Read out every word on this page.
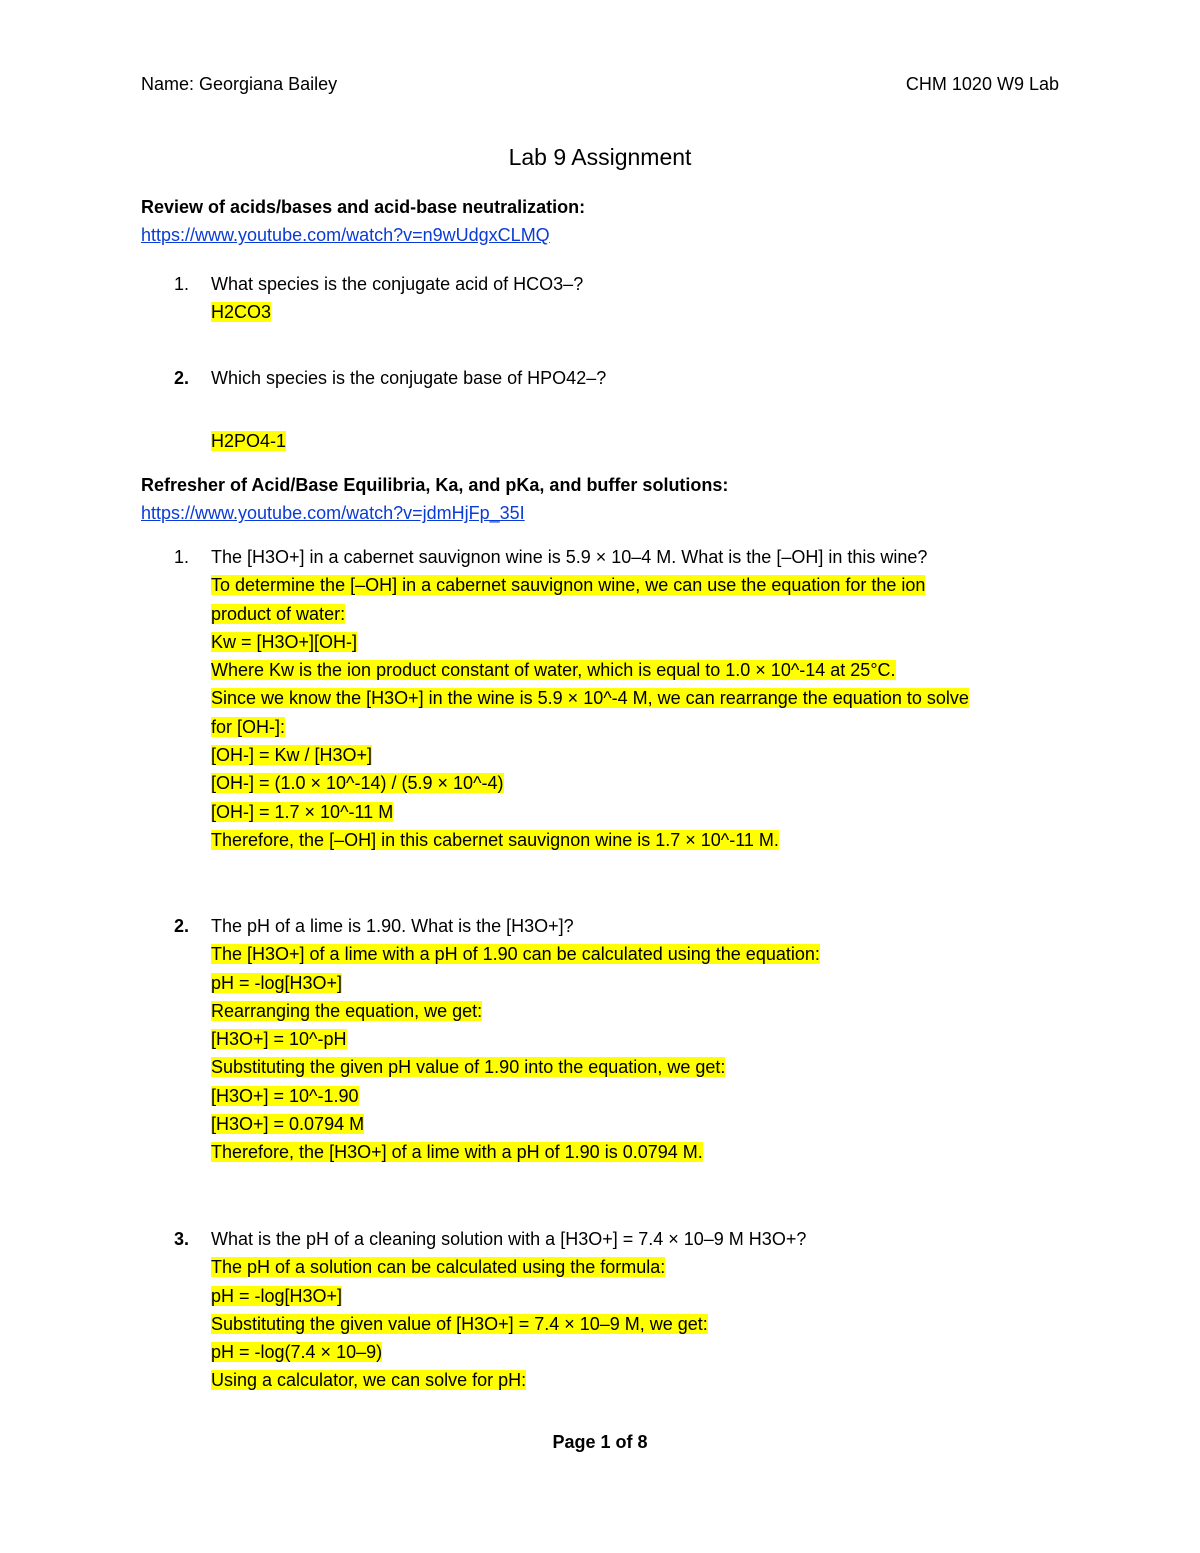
Name: Georgiana Bailey	CHM 1020 W9 Lab
Lab 9 Assignment
Review of acids/bases and acid-base neutralization:
https://www.youtube.com/watch?v=n9wUdgxCLMQ
1. What species is the conjugate acid of HCO3–?
H2CO3
2. Which species is the conjugate base of HPO42–?
H2PO4-1
Refresher of Acid/Base Equilibria, Ka, and pKa, and buffer solutions:
https://www.youtube.com/watch?v=jdmHjFp_35I
1. The [H3O+] in a cabernet sauvignon wine is 5.9 × 10–4 M. What is the [–OH] in this wine?
To determine the [–OH] in a cabernet sauvignon wine, we can use the equation for the ion
product of water:
Kw = [H3O+][OH-]
Where Kw is the ion product constant of water, which is equal to 1.0 × 10^-14 at 25°C.
Since we know the [H3O+] in the wine is 5.9 × 10^-4 M, we can rearrange the equation to solve
for [OH-]:
[OH-] = Kw / [H3O+]
[OH-] = (1.0 × 10^-14) / (5.9 × 10^-4)
[OH-] = 1.7 × 10^-11 M
Therefore, the [–OH] in this cabernet sauvignon wine is 1.7 × 10^-11 M.
2. The pH of a lime is 1.90. What is the [H3O+]?
The [H3O+] of a lime with a pH of 1.90 can be calculated using the equation:
pH = -log[H3O+]
Rearranging the equation, we get:
[H3O+] = 10^-pH
Substituting the given pH value of 1.90 into the equation, we get:
[H3O+] = 10^-1.90
[H3O+] = 0.0794 M
Therefore, the [H3O+] of a lime with a pH of 1.90 is 0.0794 M.
3. What is the pH of a cleaning solution with a [H3O+] = 7.4 × 10–9 M H3O+?
The pH of a solution can be calculated using the formula:
pH = -log[H3O+]
Substituting the given value of [H3O+] = 7.4 × 10–9 M, we get:
pH = -log(7.4 × 10–9)
Using a calculator, we can solve for pH:
Page 1 of 8
